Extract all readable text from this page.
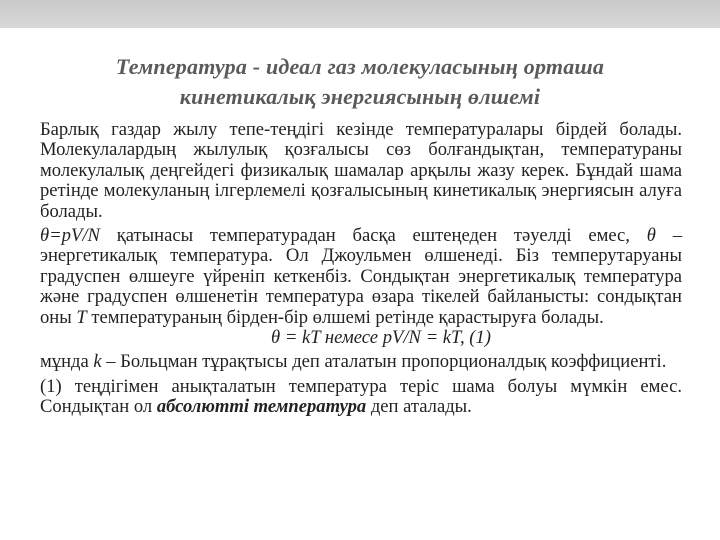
Температура - идеал газ молекуласының орташа
кинетикалық энергиясының өлшемі

Барлық газдар жылу тепе-теңдігі кезінде температуралары бірдей болады. Молекулалардың жылулық қозғалысы сөз болғандықтан, температураны молекулалық деңгейдегі физикалық шамалар арқылы жазу керек. Бұндай шама ретінде молекуланың ілгерлемелі қозғалысының кинетикалық энергиясын алуға болады.

θ=pV/N қатынасы температурадан басқа ештеңеден тәуелді емес, θ – энергетикалық температура. Ол Джоульмен өлшенеді. Біз темперутаруаны градуспен өлшеуге үйреніп кеткенбіз. Сондықтан энергетикалық температура және градуспен өлшенетін температура өзара тікелей байланысты: сондықтан оны T температураның бірден-бір өлшемі ретінде қарастыруға болады.

θ = kT немесе pV/N = kT, (1)

мұнда k – Больцман тұрақтысы деп аталатын пропорционалдық коэффициенті.

(1) теңдігімен анықталатын температура теріс шама болуы мүмкін емес. Сондықтан ол абсолютті температура деп аталады.
